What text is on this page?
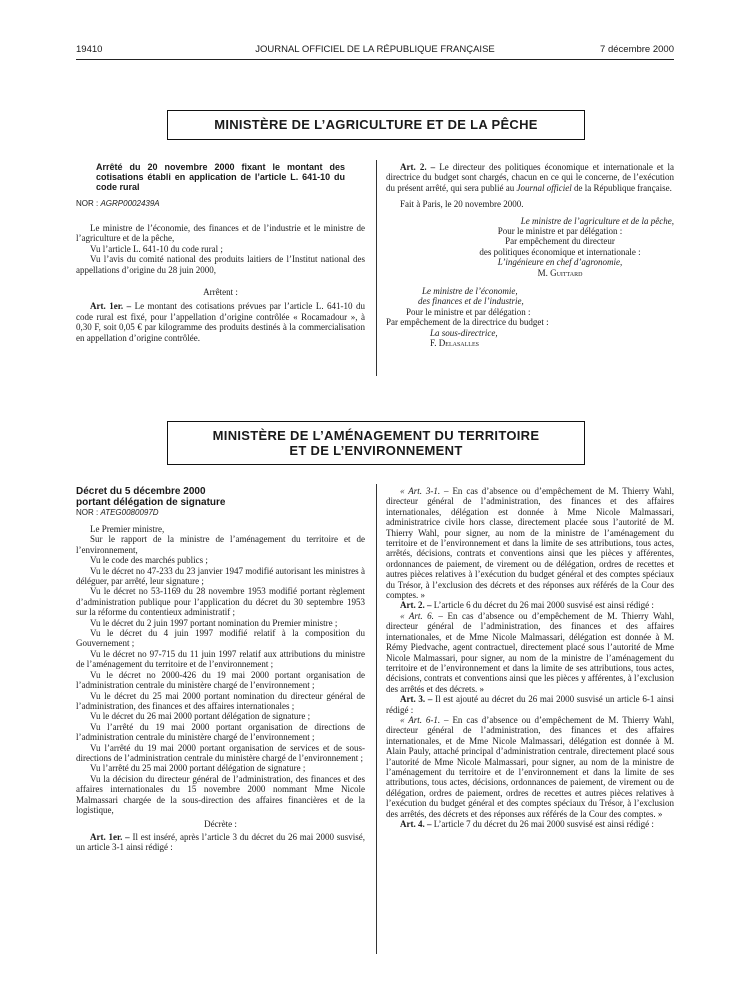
19410	JOURNAL OFFICIEL DE LA RÉPUBLIQUE FRANÇAISE	7 décembre 2000
MINISTÈRE DE L’AGRICULTURE ET DE LA PÊCHE

Arrêté du 20 novembre 2000 fixant le montant des cotisations établi en application de l’article L. 641-10 du code rural

NOR : AGRP0002439A

Le ministre de l’économie, des finances et de l’industrie et le ministre de l’agriculture et de la pêche,

Vu l’article L. 641-10 du code rural ;

Vu l’avis du comité national des produits laitiers de l’Institut national des appellations d’origine du 28 juin 2000,

Arrêtent :

Art. 1er. – Le montant des cotisations prévues par l’article L. 641-10 du code rural est fixé, pour l’appellation d’origine contrôlée « Rocamadour », à 0,30 F, soit 0,05 € par kilogramme des produits destinés à la commercialisation en appellation d’origine contrôlée.

Art. 2. – Le directeur des politiques économique et internationale et la directrice du budget sont chargés, chacun en ce qui le concerne, de l’exécution du présent arrêté, qui sera publié au Journal officiel de la République française.

Fait à Paris, le 20 novembre 2000.

Le ministre de l’agriculture et de la pêche,

Pour le ministre et par délégation :

Par empêchement du directeur

des politiques économique et internationale :

L’ingénieure en chef d’agronomie,

M. Guittard

Le ministre de l’économie,

des finances et de l’industrie,

Pour le ministre et par délégation :

Par empêchement de la directrice du budget :

La sous-directrice,

F. Delasalles

MINISTÈRE DE L’AMÉNAGEMENT DU TERRITOIRE
ET DE L’ENVIRONNEMENT

Décret du 5 décembre 2000

portant délégation de signature

NOR : ATEG0080097D

Le Premier ministre,

Sur le rapport de la ministre de l’aménagement du territoire et de l’environnement,

Vu le code des marchés publics ;

Vu le décret no 47-233 du 23 janvier 1947 modifié autorisant les ministres à déléguer, par arrêté, leur signature ;

Vu le décret no 53-1169 du 28 novembre 1953 modifié portant règlement d’administration publique pour l’application du décret du 30 septembre 1953 sur la réforme du contentieux administratif ;

Vu le décret du 2 juin 1997 portant nomination du Premier ministre ;

Vu le décret du 4 juin 1997 modifié relatif à la composition du Gouvernement ;

Vu le décret no 97-715 du 11 juin 1997 relatif aux attributions du ministre de l’aménagement du territoire et de l’environnement ;

Vu le décret no 2000-426 du 19 mai 2000 portant organisation de l’administration centrale du ministère chargé de l’environnement ;

Vu le décret du 25 mai 2000 portant nomination du directeur général de l’administration, des finances et des affaires internationales ;

Vu le décret du 26 mai 2000 portant délégation de signature ;

Vu l’arrêté du 19 mai 2000 portant organisation de directions de l’administration centrale du ministère chargé de l’environnement ;

Vu l’arrêté du 19 mai 2000 portant organisation de services et de sous-directions de l’administration centrale du ministère chargé de l’environnement ;

Vu l’arrêté du 25 mai 2000 portant délégation de signature ;

Vu la décision du directeur général de l’administration, des finances et des affaires internationales du 15 novembre 2000 nommant Mme Nicole Malmassari chargée de la sous-direction des affaires financières et de la logistique,

Décrète :

Art. 1er. – Il est inséré, après l’article 3 du décret du 26 mai 2000 susvisé, un article 3-1 ainsi rédigé :

« Art. 3-1. – En cas d’absence ou d’empêchement de M. Thierry Wahl, directeur général de l’administration, des finances et des affaires internationales, délégation est donnée à Mme Nicole Malmassari, administratrice civile hors classe, directement placée sous l’autorité de M. Thierry Wahl, pour signer, au nom de la ministre de l’aménagement du territoire et de l’environnement et dans la limite de ses attributions, tous actes, arrêtés, décisions, contrats et conventions ainsi que les pièces y afférentes, ordonnances de paiement, de virement ou de délégation, ordres de recettes et autres pièces relatives à l’exécution du budget général et des comptes spéciaux du Trésor, à l’exclusion des décrets et des réponses aux référés de la Cour des comptes. »

Art. 2. – L’article 6 du décret du 26 mai 2000 susvisé est ainsi rédigé :

« Art. 6. – En cas d’absence ou d’empêchement de M. Thierry Wahl, directeur général de l’administration, des finances et des affaires internationales, et de Mme Nicole Malmassari, délégation est donnée à M. Rémy Piedvache, agent contractuel, directement placé sous l’autorité de Mme Nicole Malmassari, pour signer, au nom de la ministre de l’aménagement du territoire et de l’environnement et dans la limite de ses attributions, tous actes, décisions, contrats et conventions ainsi que les pièces y afférentes, à l’exclusion des arrêtés et des décrets. »

Art. 3. – Il est ajouté au décret du 26 mai 2000 susvisé un article 6-1 ainsi rédigé :

« Art. 6-1. – En cas d’absence ou d’empêchement de M. Thierry Wahl, directeur général de l’administration, des finances et des affaires internationales, et de Mme Nicole Malmassari, délégation est donnée à M. Alain Pauly, attaché principal d’administration centrale, directement placé sous l’autorité de Mme Nicole Malmassari, pour signer, au nom de la ministre de l’aménagement du territoire et de l’environnement et dans la limite de ses attributions, tous actes, décisions, ordonnances de paiement, de virement ou de délégation, ordres de paiement, ordres de recettes et autres pièces relatives à l’exécution du budget général et des comptes spéciaux du Trésor, à l’exclusion des arrêtés, des décrets et des réponses aux référés de la Cour des comptes. »

Art. 4. – L’article 7 du décret du 26 mai 2000 susvisé est ainsi rédigé :
